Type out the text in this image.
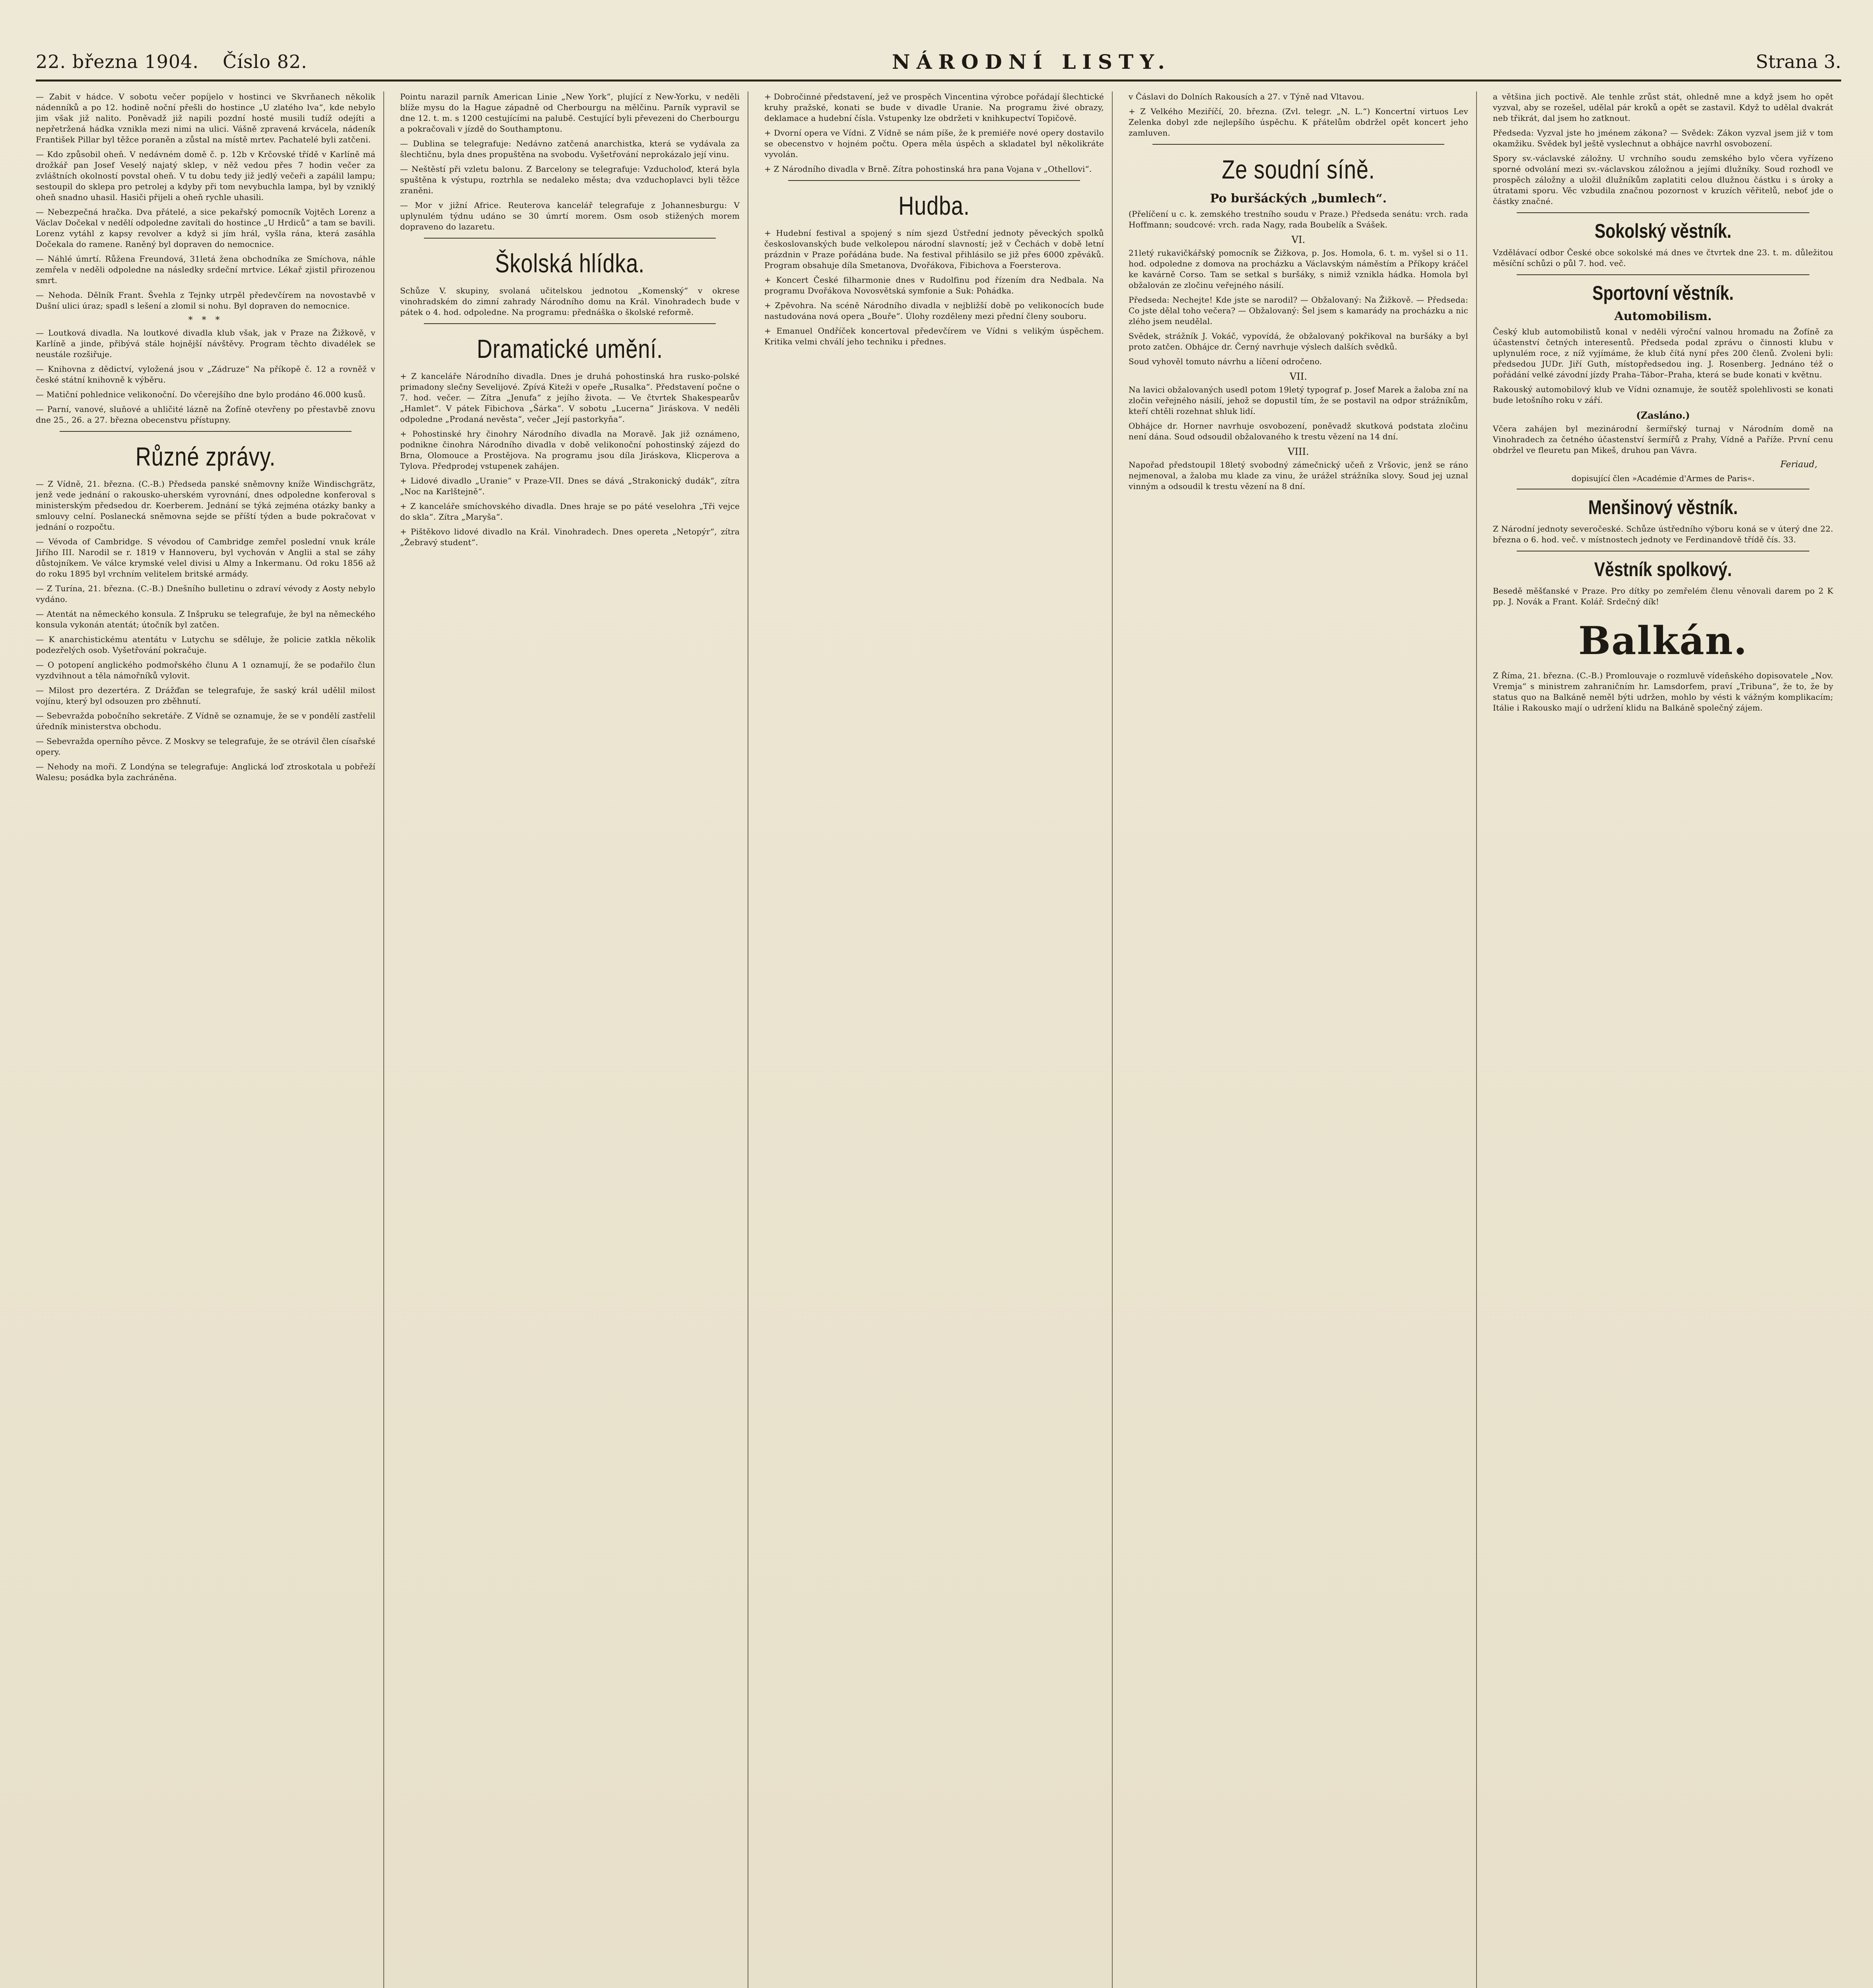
22. března 1904. Číslo 82.	NÁRODNÍ LISTY.	Strana 3.

— Zabit v hádce. V sobotu večer popíjelo v hostinci ve Skvrňanech několik nádenníků a po 12. hodině noční přešli do hostince „U zlatého lva“, kde nebylo jim však již nalito. Poněvadž již napili pozdní hosté musili tudíž odejíti a nepřetržená hádka vznikla mezi nimi na ulici. Vášně zpravená krvácela, nádeník František Pillar byl těžce poraněn a zůstal na místě mrtev. Pachatelé byli zatčeni.

— Kdo způsobil oheň. V nedávném domě č. p. 12b v Krčovské třídě v Karlíně má drožkář pan Josef Veselý najatý sklep, v něž vedou přes 7 hodin večer za zvláštních okolností povstal oheň. V tu dobu tedy již jedlý večeři a zapálil lampu; sestoupil do sklepa pro petrolej a kdyby při tom nevybuchla lampa, byl by vzniklý oheň snadno uhasil. Hasiči přijeli a oheň rychle uhasili.

— Nebezpečná hračka. Dva přátelé, a sice pekařský pomocník Vojtěch Lorenz a Václav Dočekal v nedělí odpoledne zavítali do hostince „U Hrdiců“ a tam se bavili. Lorenz vytáhl z kapsy revolver a když si jím hrál, vyšla rána, která zasáhla Dočekala do ramene. Raněný byl dopraven do nemocnice.

— Náhlé úmrtí. Růžena Freundová, 31letá žena obchodníka ze Smíchova, náhle zemřela v neděli odpoledne na následky srdeční mrtvice. Lékař zjistil přirozenou smrt.

— Nehoda. Dělník Frant. Švehla z Tejnky utrpěl předevčírem na novostavbě v Dušní ulici úraz; spadl s lešení a zlomil si nohu. Byl dopraven do nemocnice.

* * *

— Loutková divadla. Na loutkové divadla klub však, jak v Praze na Žižkově, v Karlíně a jinde, přibývá stále hojnější návštěvy. Program těchto divadélek se neustále rozšiřuje.

— Knihovna z dědictví, vyložená jsou v „Zádruze“ Na příkopě č. 12 a rovněž v české státní knihovně k výběru.

— Matiční pohlednice velikonoční. Do včerejšího dne bylo prodáno 46.000 kusů.

— Parní, vanové, sluňové a uhličité lázně na Žofíně otevřeny po přestavbě znovu dne 25., 26. a 27. března obecenstvu přístupny.

Různé zprávy.

— Z Vídně, 21. března. (C.-B.) Předseda panské sněmovny kníže Windischgrätz, jenž vede jednání o rakousko-uherském vyrovnání, dnes odpoledne konferoval s ministerským předsedou dr. Koerberem. Jednání se týká zejména otázky banky a smlouvy celní. Poslanecká sněmovna sejde se příští týden a bude pokračovat v jednání o rozpočtu.

— Vévoda of Cambridge. S vévodou of Cambridge zemřel poslední vnuk krále Jiřího III. Narodil se r. 1819 v Hannoveru, byl vychován v Anglii a stal se záhy důstojníkem. Ve válce krymské velel divisi u Almy a Inkermanu. Od roku 1856 až do roku 1895 byl vrchním velitelem britské armády.

— Z Turína, 21. března. (C.-B.) Dnešního bulletinu o zdraví vévody z Aosty nebylo vydáno.

— Atentát na německého konsula. Z Inšpruku se telegrafuje, že byl na německého konsula vykonán atentát; útočník byl zatčen.

— K anarchistickému atentátu v Lutychu se sděluje, že policie zatkla několik podezřelých osob. Vyšetřování pokračuje.

— O potopení anglického podmořského člunu A 1 oznamují, že se podařilo člun vyzdvihnout a těla námořníků vylovit.

— Milost pro dezertéra. Z Drážďan se telegrafuje, že saský král udělil milost vojínu, který byl odsouzen pro zběhnutí.

— Sebevražda pobočního sekretáře. Z Vídně se oznamuje, že se v pondělí zastřelil úředník ministerstva obchodu.

— Sebevražda operního pěvce. Z Moskvy se telegrafuje, že se otrávil člen císařské opery.

— Nehody na moři. Z Londýna se telegrafuje: Anglická loď ztroskotala u pobřeží Walesu; posádka byla zachráněna.

Pointu narazil parník American Linie „New York“, plující z New-Yorku, v neděli blíže mysu do la Hague západně od Cherbourgu na mělčinu. Parník vypravil se dne 12. t. m. s 1200 cestujícími na palubě. Cestující byli převezeni do Cherbourgu a pokračovali v jízdě do Southamptonu.

— Dublina se telegrafuje: Nedávno zatčená anarchistka, která se vydávala za šlechtičnu, byla dnes propuštěna na svobodu. Vyšetřování neprokázalo její vinu.

— Neštěstí při vzletu balonu. Z Barcelony se telegrafuje: Vzducholoď, která byla spuštěna k výstupu, roztrhla se nedaleko města; dva vzduchoplavci byli těžce zraněni.

— Mor v jižní Africe. Reuterova kancelář telegrafuje z Johannesburgu: V uplynulém týdnu udáno se 30 úmrtí morem. Osm osob stižených morem dopraveno do lazaretu.

Školská hlídka.

Schůze V. skupiny, svolaná učitelskou jednotou „Komenský“ v okrese vinohradském do zimní zahrady Národního domu na Král. Vinohradech bude v pátek o 4. hod. odpoledne. Na programu: přednáška o školské reformě.

Dramatické umění.

+ Z kanceláře Národního divadla. Dnes je druhá pohostinská hra rusko-polské primadony slečny Sevelijové. Zpívá Kiteži v opeře „Rusalka“. Představení počne o 7. hod. večer. — Zítra „Jenufa“ z jejího života. — Ve čtvrtek Shakespearův „Hamlet“. V pátek Fibichova „Šárka“. V sobotu „Lucerna“ Jiráskova. V neděli odpoledne „Prodaná nevěsta“, večer „Její pastorkyňa“.

+ Pohostinské hry činohry Národního divadla na Moravě. Jak již oznámeno, podnikne činohra Národního divadla v době velikonoční pohostinský zájezd do Brna, Olomouce a Prostějova. Na programu jsou díla Jiráskova, Klicperova a Tylova. Předprodej vstupenek zahájen.

+ Lidové divadlo „Uranie“ v Praze-VII. Dnes se dává „Strakonický dudák“, zítra „Noc na Karlštejně“.

+ Z kanceláře smíchovského divadla. Dnes hraje se po páté veselohra „Tři vejce do skla“. Zítra „Maryša“.

+ Pištěkovo lidové divadlo na Král. Vinohradech. Dnes opereta „Netopýr“, zítra „Žebravý student“.

+ Dobročinné představení, jež ve prospěch Vincentina výrobce pořádají šlechtické kruhy pražské, konati se bude v divadle Uranie. Na programu živé obrazy, deklamace a hudební čísla. Vstupenky lze obdržeti v knihkupectví Topičově.

+ Dvorní opera ve Vídni. Z Vídně se nám píše, že k premiéře nové opery dostavilo se obecenstvo v hojném počtu. Opera měla úspěch a skladatel byl několikráte vyvolán.

+ Z Národního divadla v Brně. Zítra pohostinská hra pana Vojana v „Othellovi“.

Hudba.

+ Hudební festival a spojený s ním sjezd Ústřední jednoty pěveckých spolků českoslovanských bude velkolepou národní slavností; jež v Čechách v době letní prázdnin v Praze pořádána bude. Na festival přihlásilo se již přes 6000 zpěváků. Program obsahuje díla Smetanova, Dvořákova, Fibichova a Foersterova.

+ Koncert České filharmonie dnes v Rudolfinu pod řízením dra Nedbala. Na programu Dvořákova Novosvětská symfonie a Suk: Pohádka.

+ Zpěvohra. Na scéně Národního divadla v nejbližší době po velikonocích bude nastudována nová opera „Bouře“. Úlohy rozděleny mezi přední členy souboru.

+ Emanuel Ondříček koncertoval předevčírem ve Vídni s velikým úspěchem. Kritika velmi chválí jeho techniku i přednes.

v Čáslavi do Dolních Rakousích a 27. v Týně nad Vltavou.

+ Z Velkého Meziříčí, 20. března. (Zvl. telegr. „N. L.“) Koncertní virtuos Lev Zelenka dobyl zde nejlepšího úspěchu. K přátelům obdržel opět koncert jeho zamluven.

Ze soudní síně.
Po buršáckých „bumlech“.

(Přelíčení u c. k. zemského trestního soudu v Praze.) Předseda senátu: vrch. rada Hoffmann; soudcové: vrch. rada Nagy, rada Boubelík a Svášek.

VI.

21letý rukavičkářský pomocník se Žižkova, p. Jos. Homola, 6. t. m. vyšel si o 11. hod. odpoledne z domova na procházku a Václavským náměstím a Příkopy kráčel ke kavárně Corso. Tam se setkal s buršáky, s nimiž vznikla hádka. Homola byl obžalován ze zločinu veřejného násilí.

Předseda: Nechejte! Kde jste se narodil? — Obžalovaný: Na Žižkově. — Předseda: Co jste dělal toho večera? — Obžalovaný: Šel jsem s kamarády na procházku a nic zlého jsem neudělal.

Svědek, strážník J. Vokáč, vypovídá, že obžalovaný pokřikoval na buršáky a byl proto zatčen. Obhájce dr. Černý navrhuje výslech dalších svědků.

Soud vyhověl tomuto návrhu a líčení odročeno.

VII.

Na lavici obžalovaných usedl potom 19letý typograf p. Josef Marek a žaloba zní na zločin veřejného násilí, jehož se dopustil tím, že se postavil na odpor strážníkům, kteří chtěli rozehnat shluk lidí.

Obhájce dr. Horner navrhuje osvobození, poněvadž skutková podstata zločinu není dána. Soud odsoudil obžalovaného k trestu vězení na 14 dní.

VIII.

Napořad předstoupil 18letý svobodný zámečnický učeň z Vršovic, jenž se ráno nejmenoval, a žaloba mu klade za vinu, že urážel strážníka slovy. Soud jej uznal vinným a odsoudil k trestu vězení na 8 dní.

a většina jich poctivě. Ale tenhle zrůst stát, ohledně mne a když jsem ho opět vyzval, aby se rozešel, udělal pár kroků a opět se zastavil. Když to udělal dvakrát neb třikrát, dal jsem ho zatknout.

Předseda: Vyzval jste ho jménem zákona? — Svědek: Zákon vyzval jsem již v tom okamžiku. Svědek byl ještě vyslechnut a obhájce navrhl osvobození.

Spory sv.-václavské záložny. U vrchního soudu zemského bylo včera vyřízeno sporné odvolání mezi sv.-václavskou záložnou a jejími dlužníky. Soud rozhodl ve prospěch záložny a uložil dlužníkům zaplatiti celou dlužnou částku i s úroky a útratami sporu. Věc vzbudila značnou pozornost v kruzích věřitelů, neboť jde o částky značné.

Sokolský věstník.

Vzdělávací odbor České obce sokolské má dnes ve čtvrtek dne 23. t. m. důležitou měsíční schůzi o půl 7. hod. več.

Sportovní věstník.
Automobilism.

Český klub automobilistů konal v neděli výroční valnou hromadu na Žofíně za účastenství četných interesentů. Předseda podal zprávu o činnosti klubu v uplynulém roce, z níž vyjímáme, že klub čítá nyní přes 200 členů. Zvoleni byli: předsedou JUDr. Jiří Guth, místopředsedou ing. J. Rosenberg. Jednáno též o pořádání velké závodní jízdy Praha–Tábor–Praha, která se bude konati v květnu.

Rakouský automobilový klub ve Vídni oznamuje, že soutěž spolehlivosti se konati bude letošního roku v září.

(Zasláno.)

Včera zahájen byl mezinárodní šermířský turnaj v Národním domě na Vinohradech za četného účastenství šermířů z Prahy, Vídně a Paříže. První cenu obdržel ve fleuretu pan Mikeš, druhou pan Vávra.

Feriaud,
dopisující člen »Académie d'Armes de Paris«.
Menšinový věstník.

Z Národní jednoty severočeské. Schůze ústředního výboru koná se v úterý dne 22. března o 6. hod. več. v místnostech jednoty ve Ferdinandově třídě čís. 33.

Věstník spolkový.

Besedě měšťanské v Praze. Pro dítky po zemřelém členu věnovali darem po 2 K pp. J. Novák a Frant. Kolář. Srdečný dík!

Balkán.

Z Říma, 21. března. (C.-B.) Promlouvaje o rozmluvě vídeňského dopisovatele „Nov. Vremja“ s ministrem zahraničním hr. Lamsdorfem, praví „Tribuna“, že to, že by status quo na Balkáně neměl býti udržen, mohlo by vésti k vážným komplikacím; Itálie i Rakousko mají o udržení klidu na Balkáně společný zájem.
